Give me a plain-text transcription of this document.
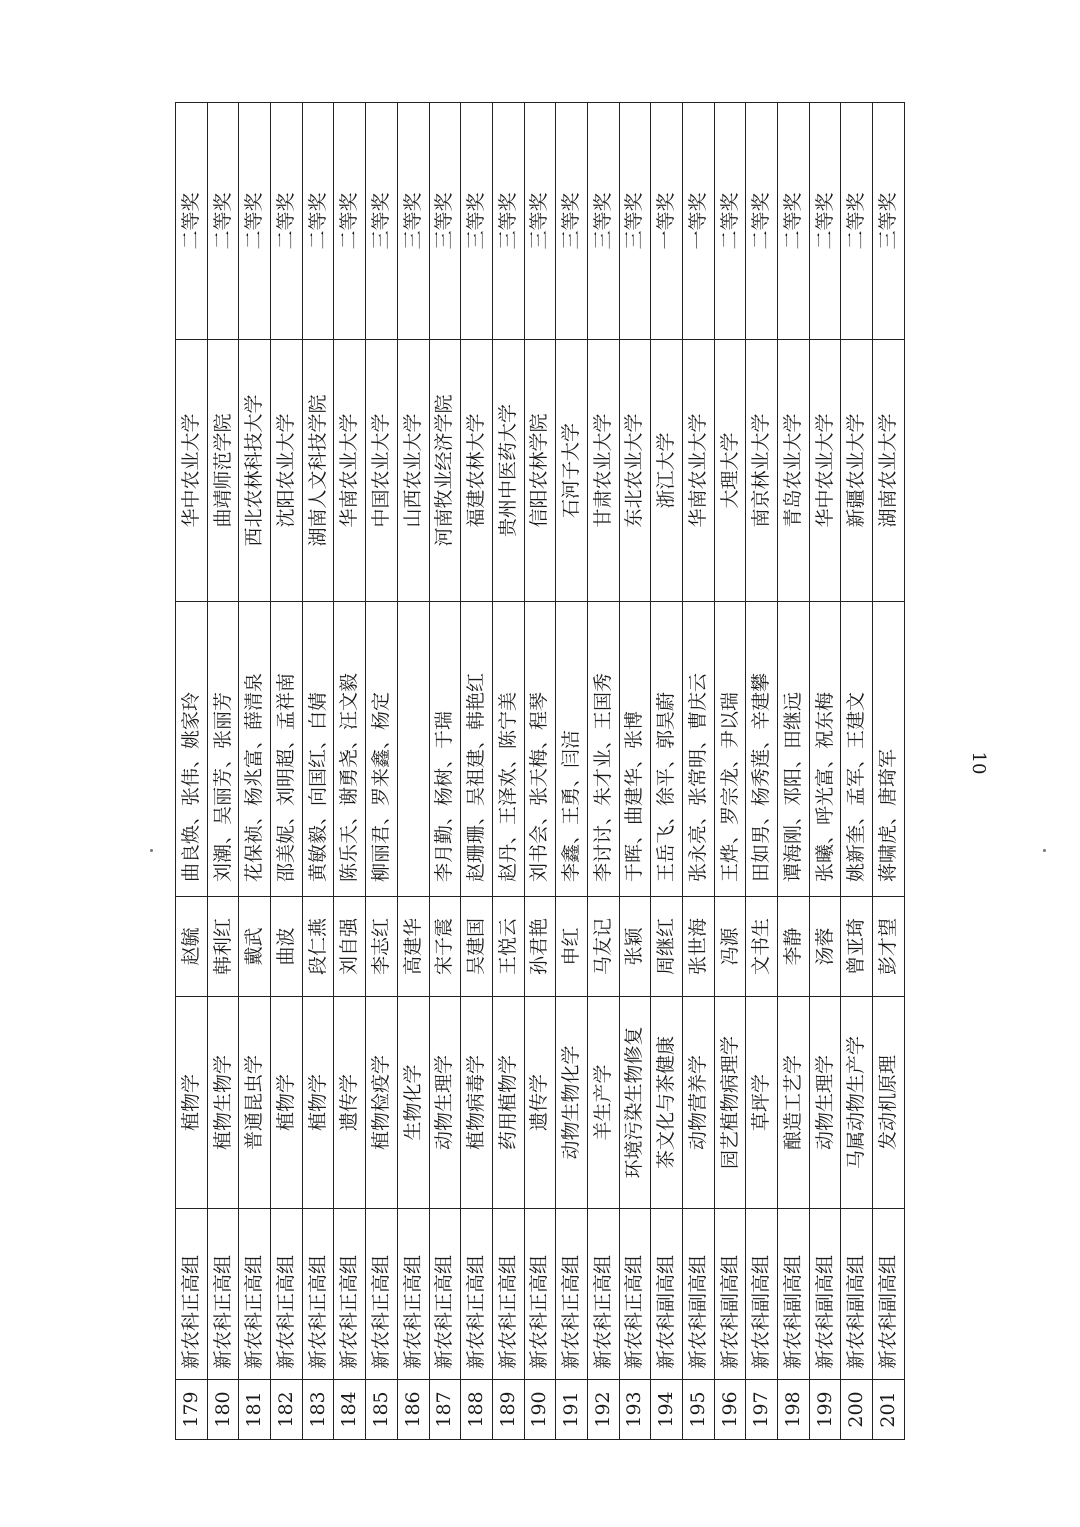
179	新农科正高组	植物学	赵毓	曲良焕、张伟、姚家玲	华中农业大学	二等奖
180	新农科正高组	植物生物学	韩利红	刘潮、吴丽芳、张丽芳	曲靖师范学院	二等奖
181	新农科正高组	普通昆虫学	戴武	花保祯、杨兆富、薛清泉	西北农林科技大学	二等奖
182	新农科正高组	植物学	曲波	邵美妮、刘明超、孟祥南	沈阳农业大学	二等奖
183	新农科正高组	植物学	段仁燕	黄敏毅、向国红、白婧	湖南人文科技学院	二等奖
184	新农科正高组	遗传学	刘自强	陈乐天、谢勇尧、汪文毅	华南农业大学	二等奖
185	新农科正高组	植物检疫学	李志红	柳丽君、罗来鑫、杨定	中国农业大学	三等奖
186	新农科正高组	生物化学	高建华		山西农业大学	三等奖
187	新农科正高组	动物生理学	宋子震	李月勤、杨树、于瑞	河南牧业经济学院	三等奖
188	新农科正高组	植物病毒学	吴建国	赵珊珊、吴祖建、韩艳红	福建农林大学	三等奖
189	新农科正高组	药用植物学	王悦云	赵丹、王泽欢、陈宁美	贵州中医药大学	三等奖
190	新农科正高组	遗传学	孙君艳	刘书会、张天梅、程琴	信阳农林学院	三等奖
191	新农科正高组	动物生物化学	申红	李鑫、王勇、闫洁	石河子大学	三等奖
192	新农科正高组	羊生产学	马友记	李讨讨、朱才业、王国秀	甘肃农业大学	三等奖
193	新农科正高组	环境污染生物修复	张颖	于晖、曲建华、张博	东北农业大学	三等奖
194	新农科副高组	茶文化与茶健康	周继红	王岳飞、徐平、郭昊蔚	浙江大学	一等奖
195	新农科副高组	动物营养学	张世海	张永亮、张常明、曹庆云	华南农业大学	一等奖
196	新农科副高组	园艺植物病理学	冯源	王烨、罗宗龙、尹以瑞	大理大学	二等奖
197	新农科副高组	草坪学	文书生	田如男、杨秀莲、辛建攀	南京林业大学	二等奖
198	新农科副高组	酿造工艺学	李静	谭海刚、邓阳、田继远	青岛农业大学	二等奖
199	新农科副高组	动物生理学	汤蓉	张曦、呼光富、祝东梅	华中农业大学	二等奖
200	新农科副高组	马属动物生产学	曾亚琦	姚新奎、孟军、王建文	新疆农业大学	二等奖
201	新农科副高组	发动机原理	彭才望	蒋啸虎、唐琦军	湖南农业大学	三等奖
10
